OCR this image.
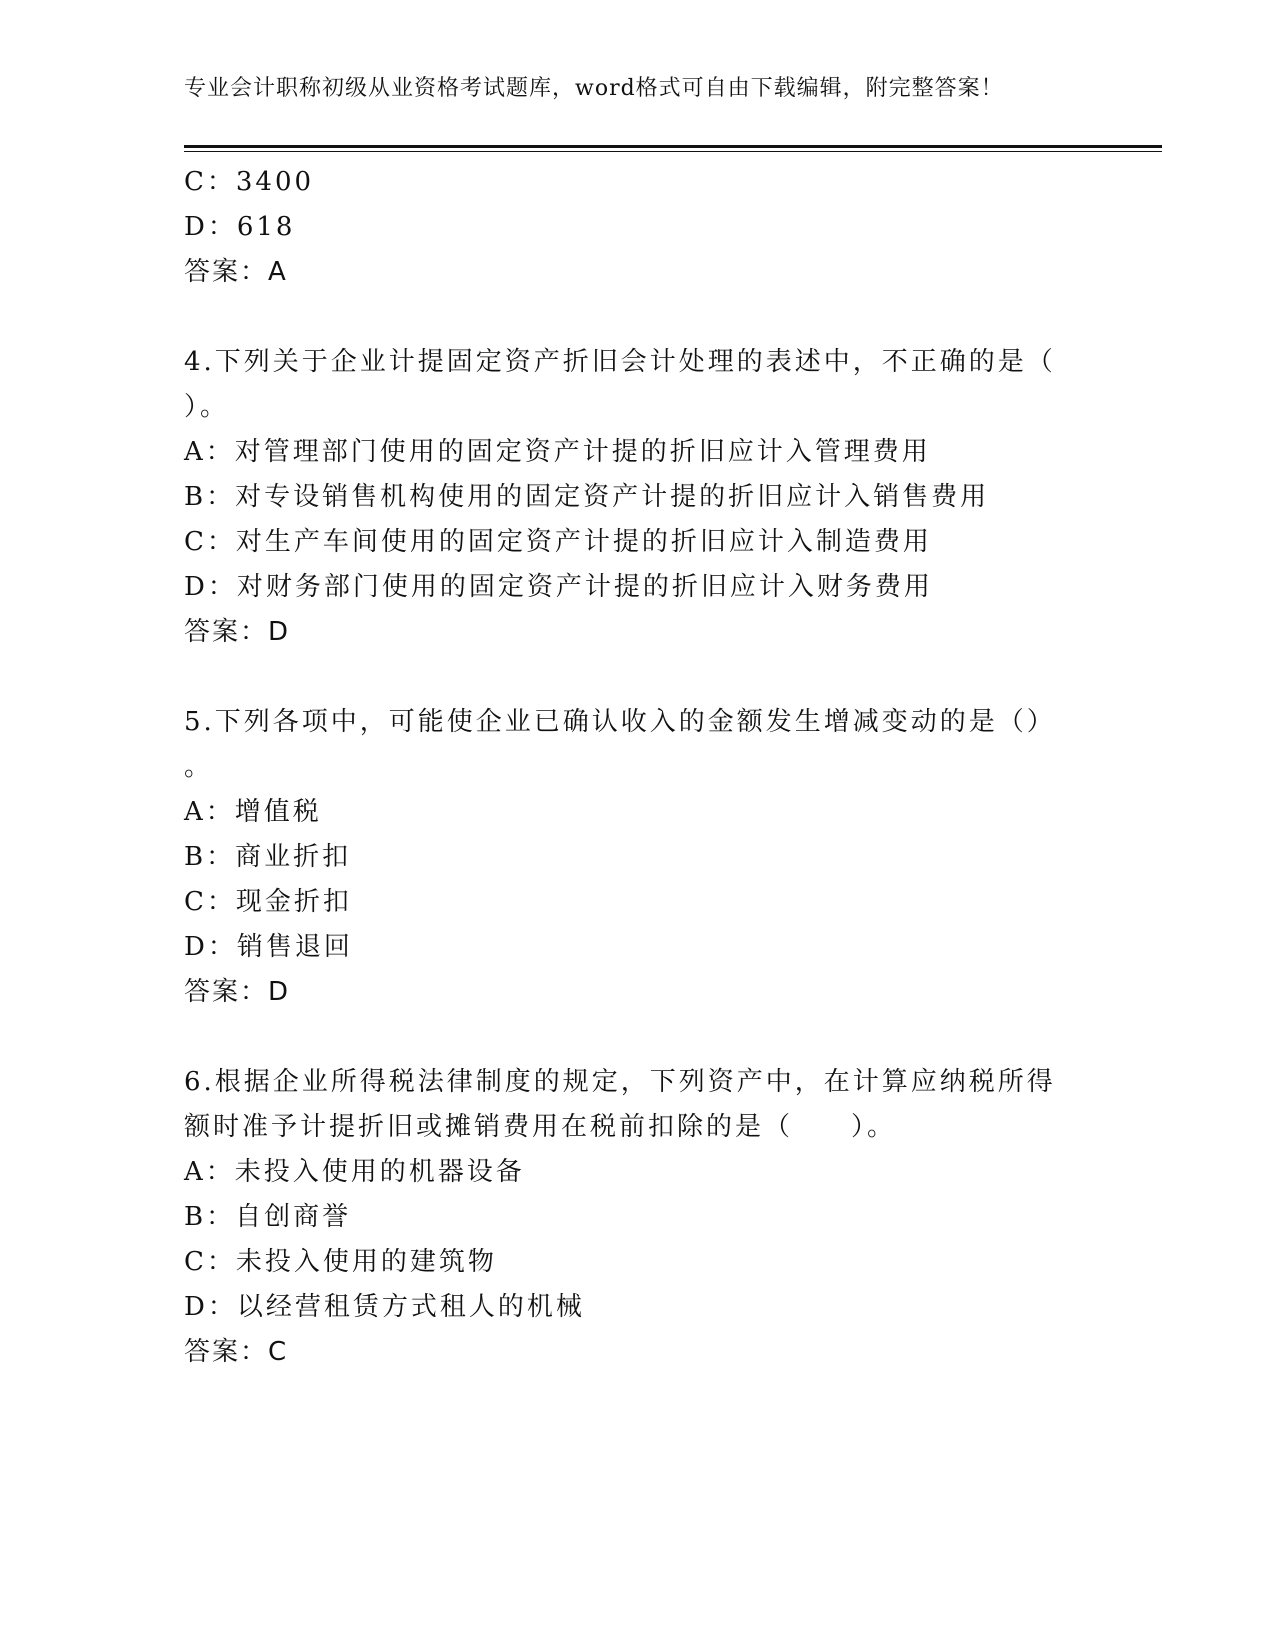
专业会计职称初级从业资格考试题库，word格式可自由下载编辑，附完整答案！
C：3400
D：618
答案：A
4.下列关于企业计提固定资产折旧会计处理的表述中，不正确的是（
）。
A：对管理部门使用的固定资产计提的折旧应计入管理费用
B：对专设销售机构使用的固定资产计提的折旧应计入销售费用
C：对生产车间使用的固定资产计提的折旧应计入制造费用
D：对财务部门使用的固定资产计提的折旧应计入财务费用
答案：D
5.下列各项中，可能使企业已确认收入的金额发生增减变动的是（）
。
A：增值税
B：商业折扣
C：现金折扣
D：销售退回
答案：D
6.根据企业所得税法律制度的规定，下列资产中，在计算应纳税所得
额时准予计提折旧或摊销费用在税前扣除的是（　　）。
A：未投入使用的机器设备
B：自创商誉
C：未投入使用的建筑物
D：以经营租赁方式租人的机械
答案：C
